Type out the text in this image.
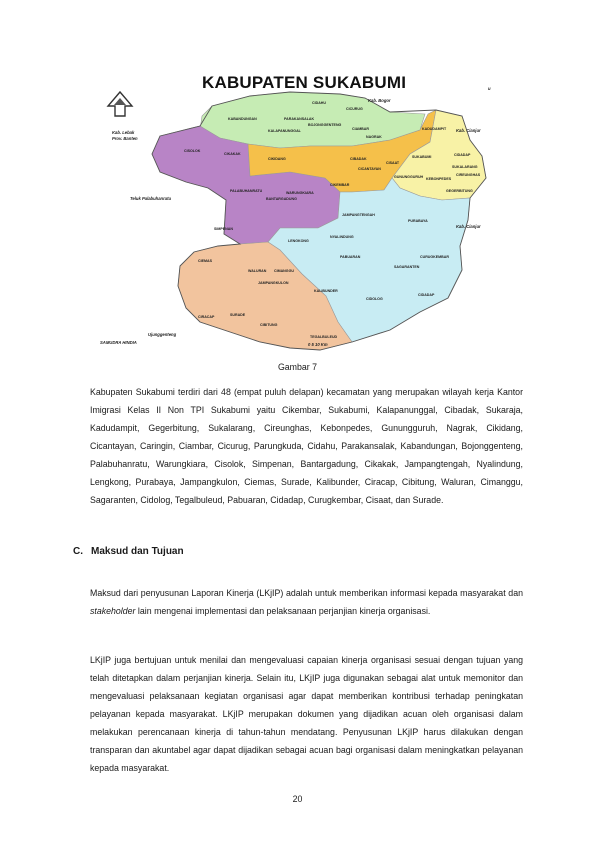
KABUPATEN SUKABUMI	u
Kab. Bogor
Kab. Cianjur
Kab. Cianjur
Kab. Lebak
Prov. Banten
Teluk Palabuhanratu
Ujunggenteng
SAMUDRA HINDIA	0 5 10 Km
CIDAHU
KABANDUNGAN	PARAKANSALAK
CICURUG
BOJONGGENTENG
KALAPANUNGGAL	CIAMBAR
NAGRAK
KADUDAMPIT
CISOLOK
CIKAKAK	CIDADAP
CISAAT
SUKABUMI
KEBONPEDES
SUKALARANG
CIREUNGHAS
CIKIDANG	CIBADAK
CICANTAYAN
GUNUNGGURUH
CIKEMBAR
GEGERBITUNG
PALABUHANRATU	WARUNGKIARA
BANTARGADUNG
SIMPENAN
JAMPANGTENGAH
PURABAYA
LENGKONG
NYALINDUNG
CIEMAS
WALURAN CIMANGGU
PABUARAN	CURUGKEMBAR
SAGARANTEN
JAMPANGKULON
KALIBUNDER
CIDOLOG
CIRACAP	SURADE
CIDADAP
CIBITUNG
TEGALBULEUD
Gambar 7

Kabupaten Sukabumi terdiri dari 48 (empat puluh delapan) kecamatan yang merupakan wilayah kerja Kantor Imigrasi Kelas II Non TPI Sukabumi yaitu Cikembar, Sukabumi, Kalapanunggal, Cibadak, Sukaraja, Kadudampit, Gegerbitung, Sukalarang, Cireunghas, Kebonpedes, Gunungguruh, Nagrak, Cikidang, Cicantayan, Caringin, Ciambar, Cicurug, Parungkuda, Cidahu, Parakansalak, Kabandungan, Bojonggenteng, Palabuhanratu, Warungkiara, Cisolok, Simpenan, Bantargadung, Cikakak, Jampangtengah, Nyalindung, Lengkong, Purabaya, Jampangkulon, Ciemas, Surade, Kalibunder, Ciracap, Cibitung, Waluran, Cimanggu, Sagaranten, Cidolog, Tegalbuleud, Pabuaran, Cidadap, Curugkembar, Cisaat, dan Surade.

C. Maksud dan Tujuan

Maksud dari penyusunan Laporan Kinerja (LKjIP) adalah untuk memberikan informasi kepada masyarakat dan stakeholder lain mengenai implementasi dan pelaksanaan perjanjian kinerja organisasi.

LKjIP juga bertujuan untuk menilai dan mengevaluasi capaian kinerja organisasi sesuai dengan tujuan yang telah ditetapkan dalam perjanjian kinerja. Selain itu, LKjIP juga digunakan sebagai alat untuk memonitor dan mengevaluasi pelaksanaan kegiatan organisasi agar dapat memberikan kontribusi terhadap peningkatan pelayanan kepada masyarakat. LKjIP merupakan dokumen yang dijadikan acuan oleh organisasi dalam melakukan perencanaan kinerja di tahun-tahun mendatang. Penyusunan LKjIP harus dilakukan dengan transparan dan akuntabel agar dapat dijadikan sebagai acuan bagi organisasi dalam meningkatkan pelayanan kepada masyarakat.

20
